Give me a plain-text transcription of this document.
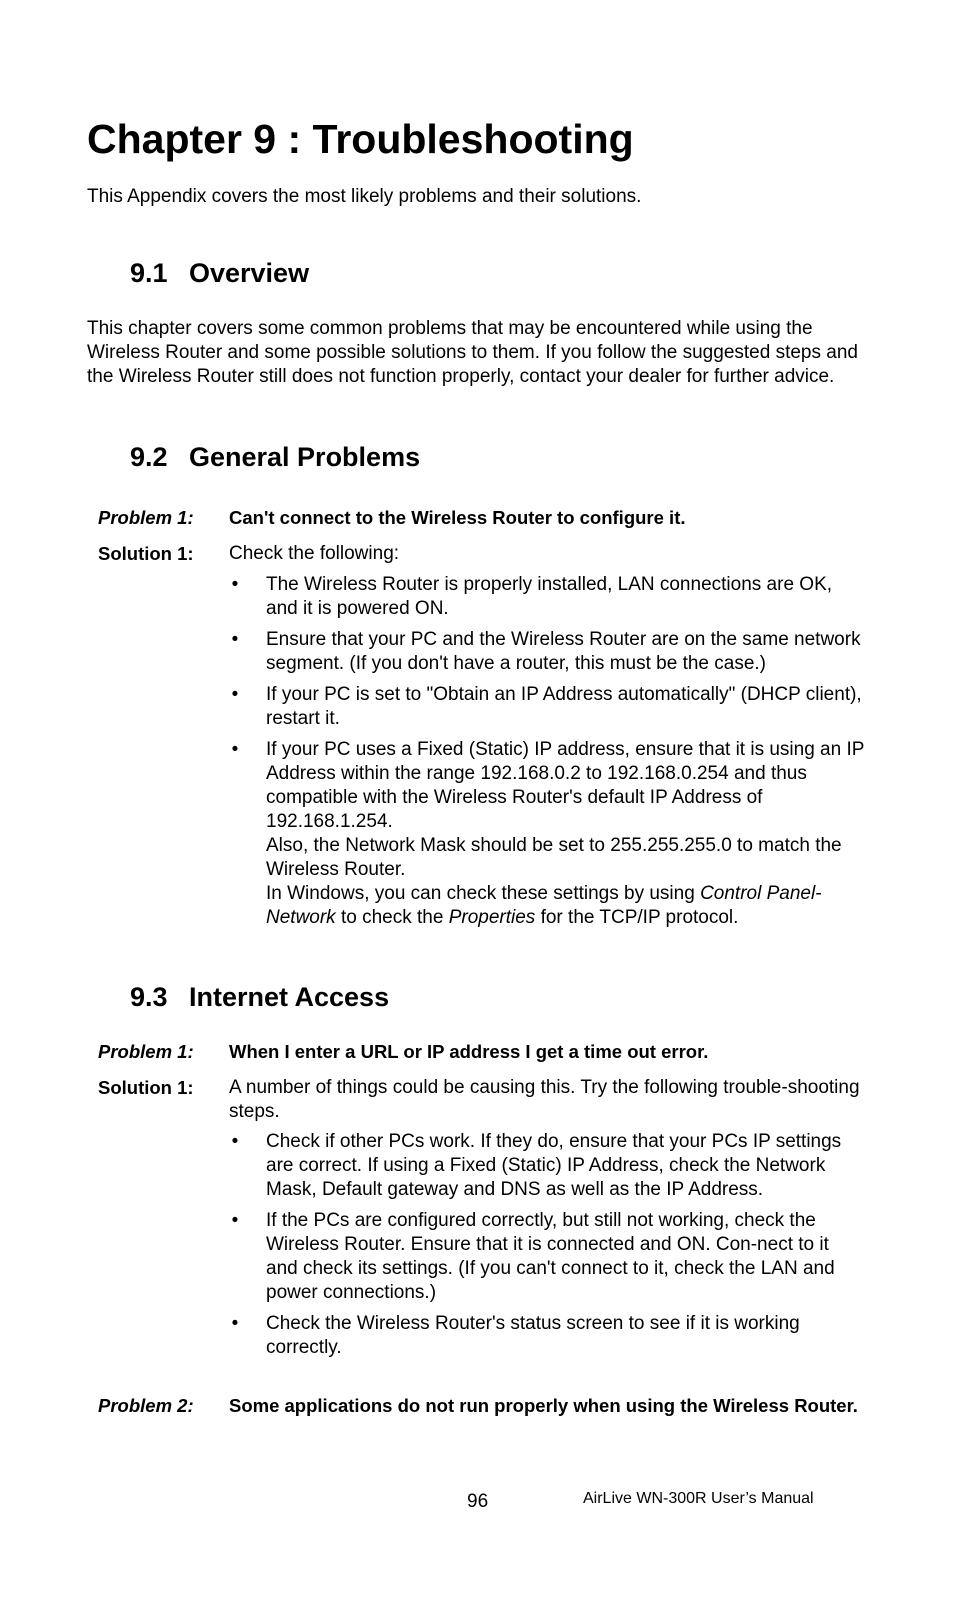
Chapter 9 : Troubleshooting

This Appendix covers the most likely problems and their solutions.

9.1 Overview

This chapter covers some common problems that may be encountered while using the Wireless Router and some possible solutions to them. If you follow the suggested steps and the Wireless Router still does not function properly, contact your dealer for further advice.

9.2 General Problems
Problem 1: Can't connect to the Wireless Router to configure it.
Solution 1: Check the following:
• The Wireless Router is properly installed, LAN connections are OK, and it is powered ON.
• Ensure that your PC and the Wireless Router are on the same network segment. (If you don't have a router, this must be the case.)
• If your PC is set to "Obtain an IP Address automatically" (DHCP client), restart it.
• If your PC uses a Fixed (Static) IP address, ensure that it is using an IP Address within the range 192.168.0.2 to 192.168.0.254 and thus compatible with the Wireless Router's default IP Address of 192.168.1.254.
Also, the Network Mask should be set to 255.255.255.0 to match the Wireless Router.
In Windows, you can check these settings by using Control Panel-Network to check the Properties for the TCP/IP protocol.
9.3 Internet Access
Problem 1: When I enter a URL or IP address I get a time out error.
Solution 1: A number of things could be causing this. Try the following trouble-shooting steps.
• Check if other PCs work. If they do, ensure that your PCs IP settings are correct. If using a Fixed (Static) IP Address, check the Network Mask, Default gateway and DNS as well as the IP Address.
• If the PCs are configured correctly, but still not working, check the Wireless Router. Ensure that it is connected and ON. Con-nect to it and check its settings. (If you can't connect to it, check the LAN and power connections.)
• Check the Wireless Router's status screen to see if it is working correctly.
Problem 2: Some applications do not run properly when using the Wireless Router.
96	AirLive WN-300R User’s Manual
